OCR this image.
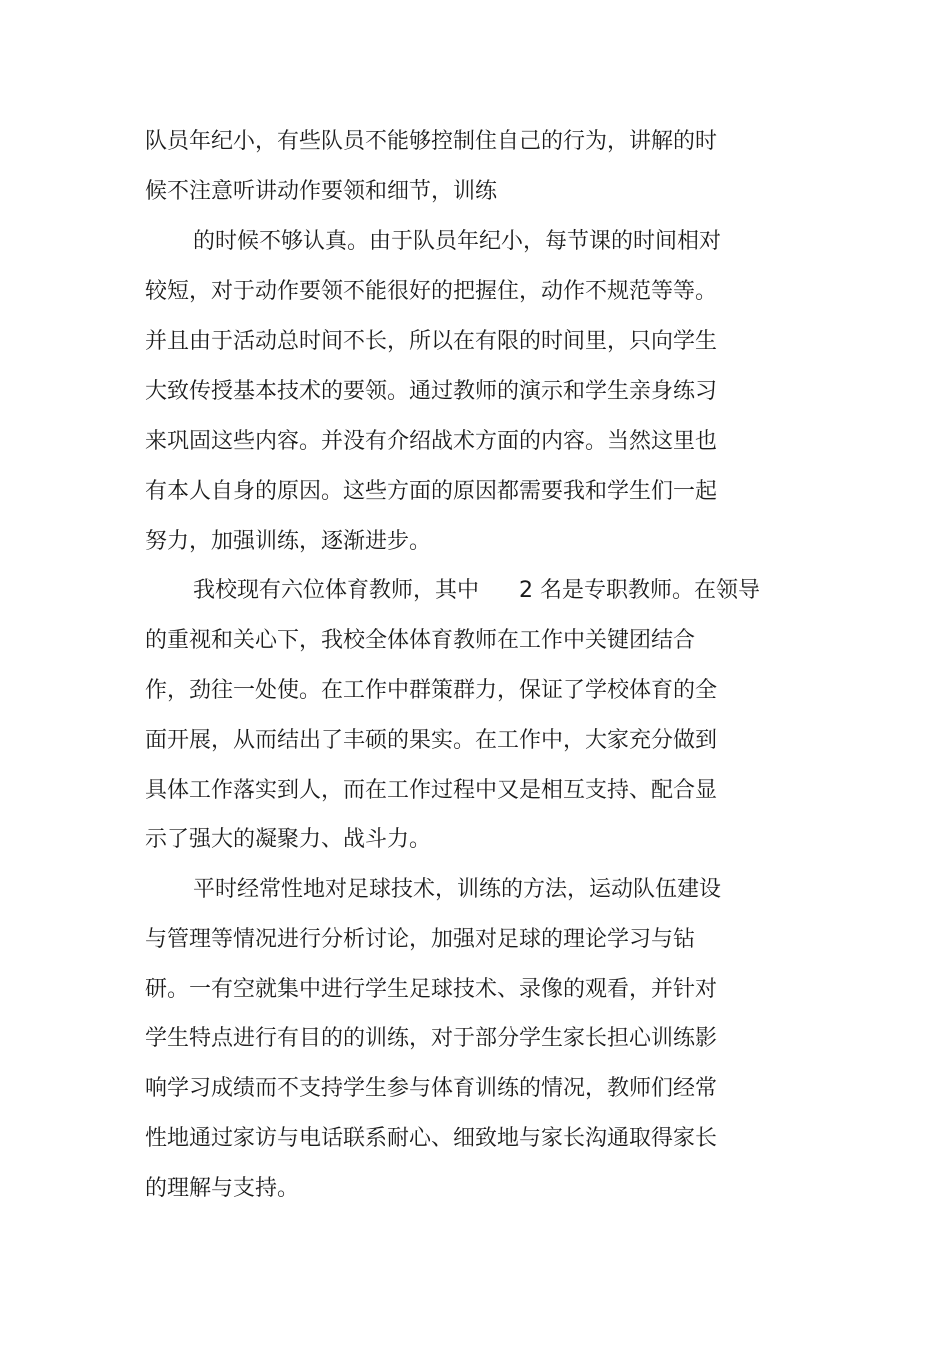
队员年纪小，有些队员不能够控制住自己的行为，讲解的时
候不注意听讲动作要领和细节，训练
的时候不够认真。由于队员年纪小，每节课的时间相对
较短，对于动作要领不能很好的把握住，动作不规范等等。
并且由于活动总时间不长，所以在有限的时间里，只向学生
大致传授基本技术的要领。通过教师的演示和学生亲身练习
来巩固这些内容。并没有介绍战术方面的内容。当然这里也
有本人自身的原因。这些方面的原因都需要我和学生们一起
努力，加强训练，逐渐进步。
我校现有六位体育教师，其中 2 名是专职教师。在领导
的重视和关心下，我校全体体育教师在工作中关键团结合
作，劲往一处使。在工作中群策群力，保证了学校体育的全
面开展，从而结出了丰硕的果实。在工作中，大家充分做到
具体工作落实到人，而在工作过程中又是相互支持、配合显
示了强大的凝聚力、战斗力。
平时经常性地对足球技术，训练的方法，运动队伍建设
与管理等情况进行分析讨论，加强对足球的理论学习与钻
研。一有空就集中进行学生足球技术、录像的观看，并针对
学生特点进行有目的的训练，对于部分学生家长担心训练影
响学习成绩而不支持学生参与体育训练的情况，教师们经常
性地通过家访与电话联系耐心、细致地与家长沟通取得家长
的理解与支持。
